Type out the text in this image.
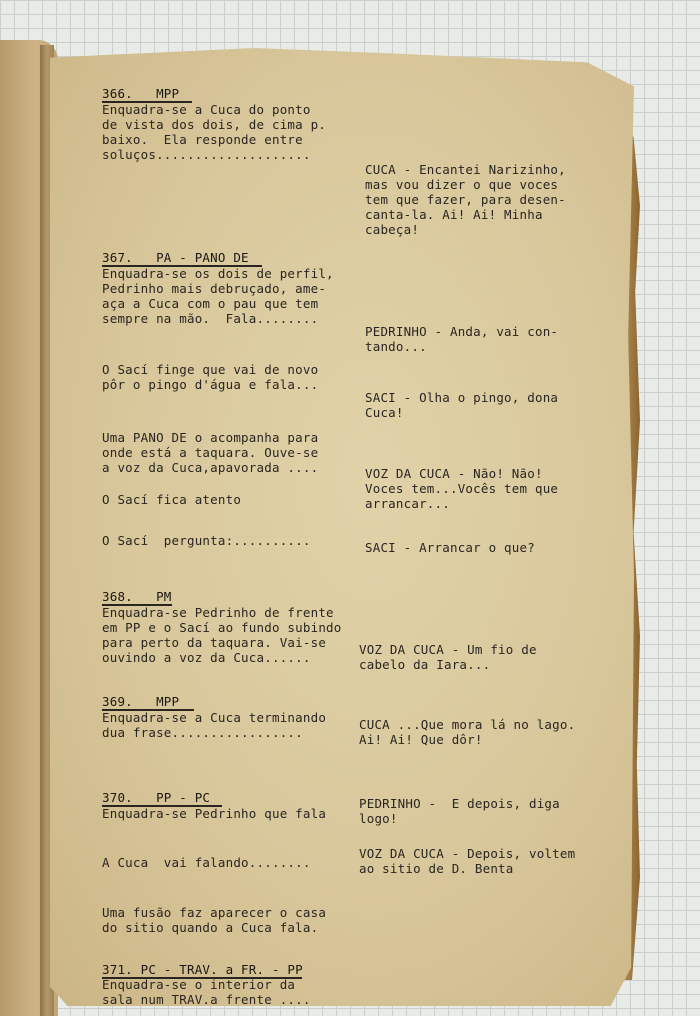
366.   MPP
Enquadra-se a Cuca do ponto
de vista dos dois, de cima p.
baixo.  Ela responde entre
soluços....................
367.   PA - PANO DE
Enquadra-se os dois de perfil,
Pedrinho mais debruçado, ame-
aça a Cuca com o pau que tem
sempre na mão.  Fala........
O Sací finge que vai de novo
pôr o pingo d'água e fala...
Uma PANO DE o acompanha para
onde está a taquara. Ouve-se
a voz da Cuca,apavorada ....
O Sací fica atento
O Sací  pergunta:..........
368.   PM
Enquadra-se Pedrinho de frente
em PP e o Sací ao fundo subindo
para perto da taquara. Vai-se
ouvindo a voz da Cuca......
369.   MPP
Enquadra-se a Cuca terminando
dua frase.................
370.   PP - PC
Enquadra-se Pedrinho que fala
A Cuca  vai falando........
Uma fusão faz aparecer o casa
do sitio quando a Cuca fala.
371. PC - TRAV. a FR. - PP
Enquadra-se o interior da
sala num TRAV.a frente ....
CUCA - Encantei Narizinho,
mas vou dizer o que voces
tem que fazer, para desen-
canta-la. Ai! Ai! Minha
cabeça!
PEDRINHO - Anda, vai con-
tando...
SACI - Olha o pingo, dona
Cuca!
VOZ DA CUCA - Não! Não!
Voces tem...Vocês tem que
arrancar...
SACI - Arrancar o que?
VOZ DA CUCA - Um fio de
cabelo da Iara...
CUCA ...Que mora lá no lago.
Ai! Ai! Que dôr!
PEDRINHO -  E depois, diga
logo!
VOZ DA CUCA - Depois, voltem
ao sitio de D. Benta
